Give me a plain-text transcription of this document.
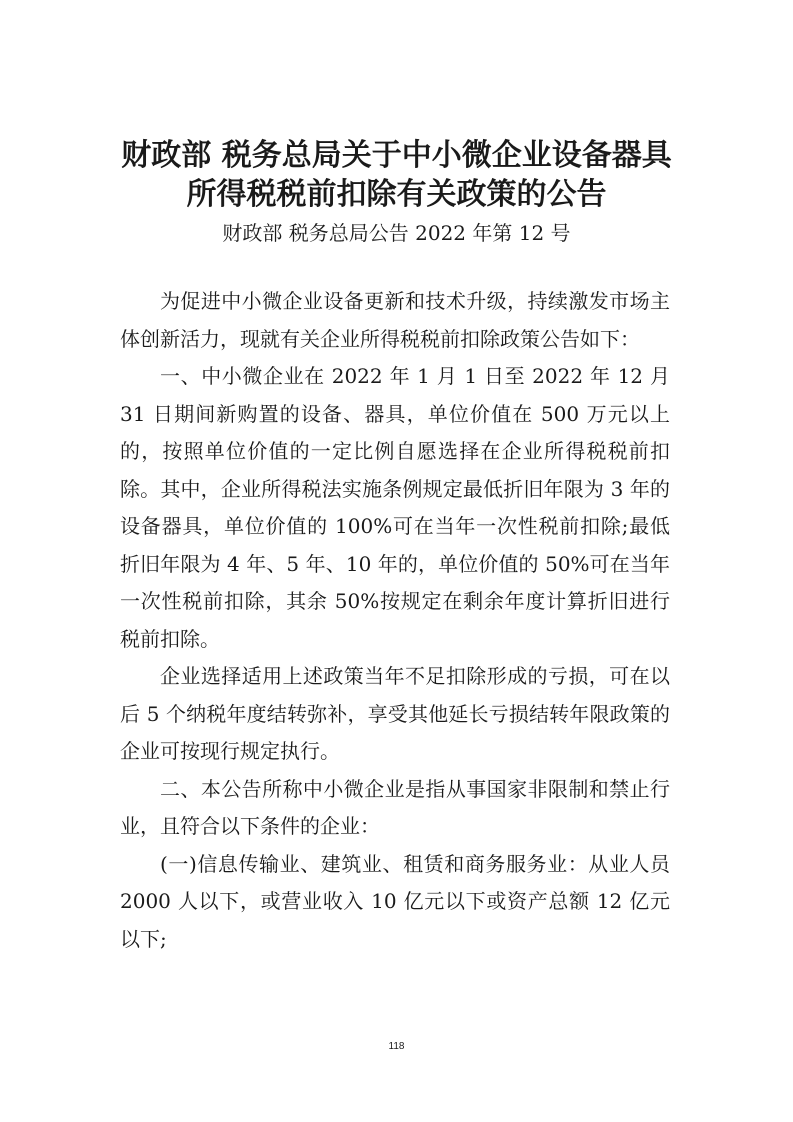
财政部 税务总局关于中小微企业设备器具
所得税税前扣除有关政策的公告
财政部 税务总局公告 2022 年第 12 号

为促进中小微企业设备更新和技术升级，持续激发市场主体创新活力，现就有关企业所得税税前扣除政策公告如下：

一、中小微企业在 2022 年 1 月 1 日至 2022 年 12 月 31 日期间新购置的设备、器具，单位价值在 500 万元以上的，按照单位价值的一定比例自愿选择在企业所得税税前扣除。其中，企业所得税法实施条例规定最低折旧年限为 3 年的设备器具，单位价值的 100%可在当年一次性税前扣除;最低折旧年限为 4 年、5 年、10 年的，单位价值的 50%可在当年一次性税前扣除，其余 50%按规定在剩余年度计算折旧进行税前扣除。

企业选择适用上述政策当年不足扣除形成的亏损，可在以后 5 个纳税年度结转弥补，享受其他延长亏损结转年限政策的企业可按现行规定执行。

二、本公告所称中小微企业是指从事国家非限制和禁止行业，且符合以下条件的企业：

(一)信息传输业、建筑业、租赁和商务服务业：从业人员 2000 人以下，或营业收入 10 亿元以下或资产总额 12 亿元以下;

118
